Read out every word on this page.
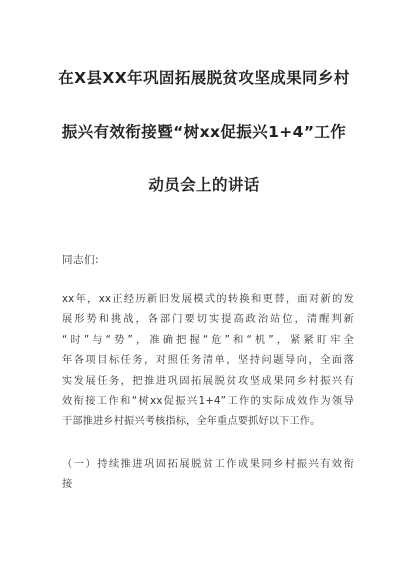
在X县XX年巩固拓展脱贫攻坚成果同乡村
振兴有效衔接暨“树xx促振兴1+4”工作
动员会上的讲话
同志们:
xx年，xx正经历新旧发展模式的转换和更替，面对新的发
展形势和挑战，各部门要切实提高政治站位，清醒判新
“时”与“势”，准确把握“危”和“机”，紧紧盯牢全
年各项目标任务，对照任务清单，坚持问题导向，全面落
实发展任务，把推进巩固拓展脱贫攻坚成果同乡村振兴有
效衔接工作和“树xx促振兴1+4”工作的实际成效作为领导
干部推进乡村振兴考核指标，全年重点要抓好以下工作。
（一）持续推进巩固拓展脱贫工作成果同乡村振兴有效衔
接
